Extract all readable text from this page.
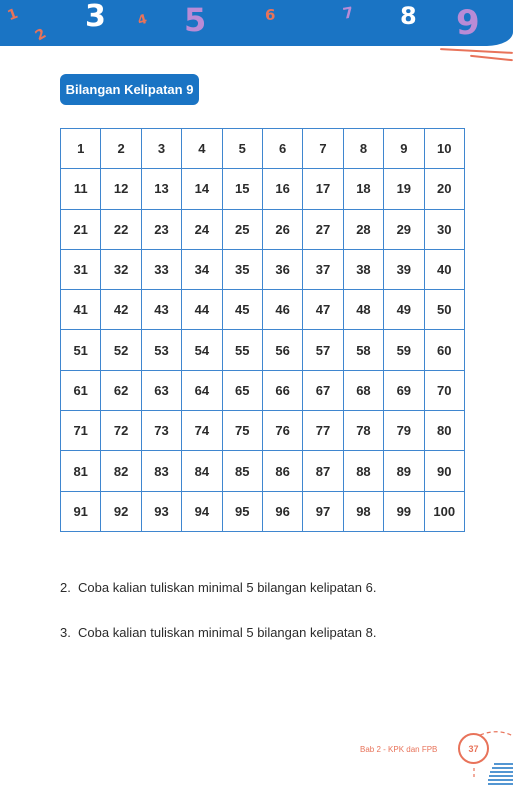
1
2
3 4 5	6	7 8 9
Bilangan Kelipatan 9
1	2	3	4	5	6	7	8	9	10
11	12	13	14	15	16	17	18	19	20
21	22	23	24	25	26	27	28	29	30
31	32	33	34	35	36	37	38	39	40
41	42	43	44	45	46	47	48	49	50
51	52	53	54	55	56	57	58	59	60
61	62	63	64	65	66	67	68	69	70
71	72	73	74	75	76	77	78	79	80
81	82	83	84	85	86	87	88	89	90
91	92	93	94	95	96	97	98	99	100
2. Coba kalian tuliskan minimal 5 bilangan kelipatan 6.
3. Coba kalian tuliskan minimal 5 bilangan kelipatan 8.
Bab 2 - KPK dan FPB	37
